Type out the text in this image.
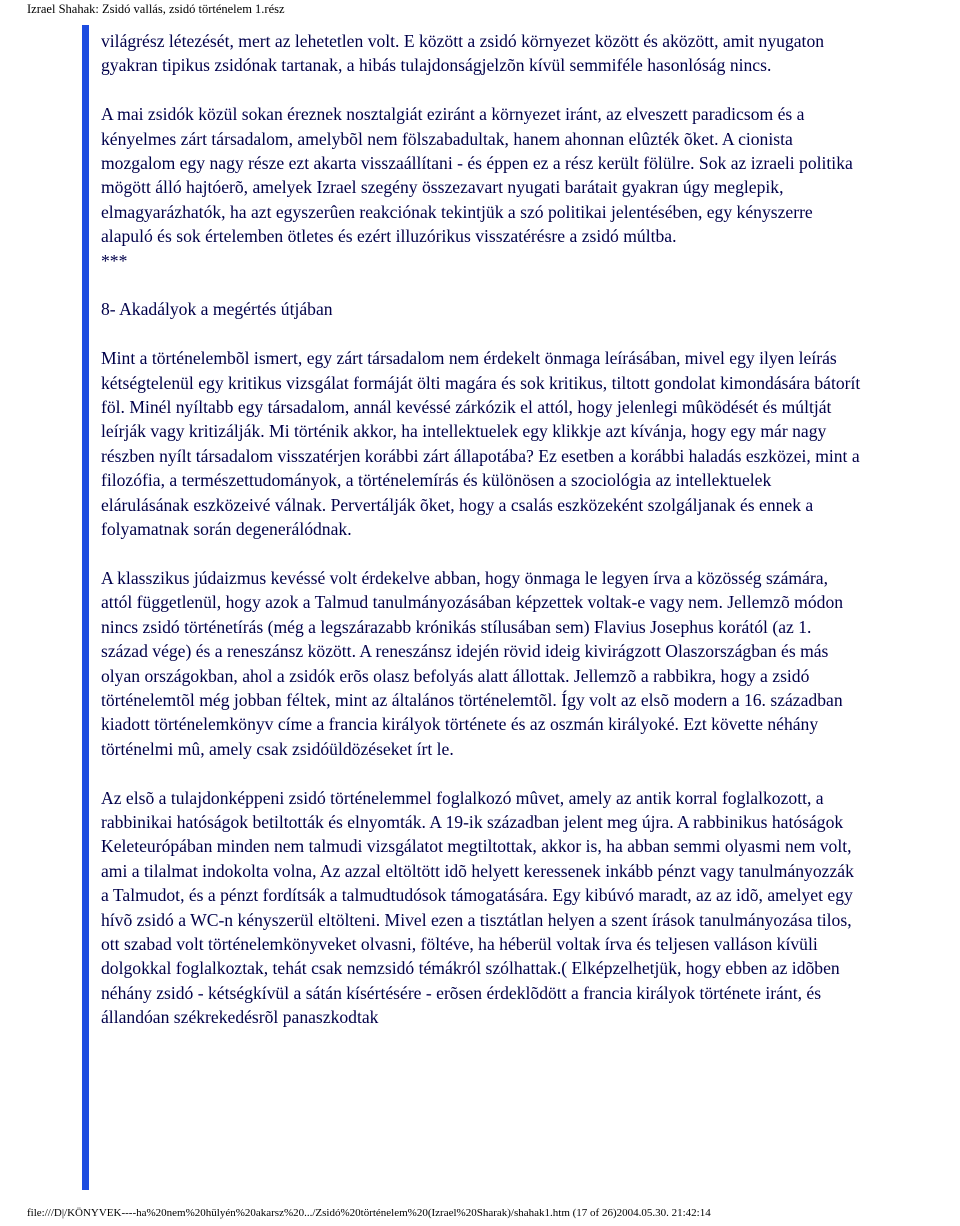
Izrael Shahak: Zsidó vallás, zsidó történelem 1.rész

világrész létezését, mert az lehetetlen volt. E között a zsidó környezet között és aközött, amit nyugaton gyakran tipikus zsidónak tartanak, a hibás tulajdonságjelzõn kívül semmiféle hasonlóság nincs.

A mai zsidók közül sokan éreznek nosztalgiát eziránt a környezet iránt, az elveszett paradicsom és a kényelmes zárt társadalom, amelybõl nem fölszabadultak, hanem ahonnan elûzték õket. A cionista mozgalom egy nagy része ezt akarta visszaállítani - és éppen ez a rész került fölülre. Sok az izraeli politika mögött álló hajtóerõ, amelyek Izrael szegény összezavart nyugati barátait gyakran úgy meglepik, elmagyarázhatók, ha azt egyszerûen reakciónak tekintjük a szó politikai jelentésében, egy kényszerre alapuló és sok értelemben ötletes és ezért illuzórikus visszatérésre a zsidó múltba.

***

8- Akadályok a megértés útjában

Mint a történelembõl ismert, egy zárt társadalom nem érdekelt önmaga leírásában, mivel egy ilyen leírás kétségtelenül egy kritikus vizsgálat formáját ölti magára és sok kritikus, tiltott gondolat kimondására bátorít föl. Minél nyíltabb egy társadalom, annál kevéssé zárkózik el attól, hogy jelenlegi mûködését és múltját leírják vagy kritizálják. Mi történik akkor, ha intellektuelek egy klikkje azt kívánja, hogy egy már nagy részben nyílt társadalom visszatérjen korábbi zárt állapotába? Ez esetben a korábbi haladás eszközei, mint a filozófia, a természettudományok, a történelemírás és különösen a szociológia az intellektuelek elárulásának eszközeivé válnak. Pervertálják õket, hogy a csalás eszközeként szolgáljanak és ennek a folyamatnak során degenerálódnak.

A klasszikus júdaizmus kevéssé volt érdekelve abban, hogy önmaga le legyen írva a közösség számára, attól függetlenül, hogy azok a Talmud tanulmányozásában képzettek voltak-e vagy nem. Jellemzõ módon nincs zsidó történetírás (még a legszárazabb krónikás stílusában sem) Flavius Josephus korától (az 1. század vége) és a reneszánsz között. A reneszánsz idején rövid ideig kivirágzott Olaszországban és más olyan országokban, ahol a zsidók erõs olasz befolyás alatt állottak. Jellemzõ a rabbikra, hogy a zsidó történelemtõl még jobban féltek, mint az általános történelemtõl. Így volt az elsõ modern a 16. században kiadott történelemkönyv címe a francia királyok története és az oszmán királyoké. Ezt követte néhány történelmi mû, amely csak zsidóüldözéseket írt le.

Az elsõ a tulajdonképpeni zsidó történelemmel foglalkozó mûvet, amely az antik korral foglalkozott, a rabbinikai hatóságok betiltották és elnyomták. A 19-ik században jelent meg újra. A rabbinikus hatóságok Keleteurópában minden nem talmudi vizsgálatot megtiltottak, akkor is, ha abban semmi olyasmi nem volt, ami a tilalmat indokolta volna, Az azzal eltöltött idõ helyett keressenek inkább pénzt vagy tanulmányozzák a Talmudot, és a pénzt fordítsák a talmudtudósok támogatására. Egy kibúvó maradt, az az idõ, amelyet egy hívõ zsidó a WC-n kényszerül eltölteni. Mivel ezen a tisztátlan helyen a szent írások tanulmányozása tilos, ott szabad volt történelemkönyveket olvasni, föltéve, ha héberül voltak írva és teljesen valláson kívüli dolgokkal foglalkoztak, tehát csak nemzsidó témákról szólhattak.( Elképzelhetjük, hogy ebben az idõben néhány zsidó - kétségkívül a sátán kísértésére - erõsen érdeklõdött a francia királyok története iránt, és állandóan székrekedésrõl panaszkodtak

file:///D|/KÖNYVEK----ha%20nem%20hülyén%20akarsz%20.../Zsidó%20történelem%20(Izrael%20Sharak)/shahak1.htm (17 of 26)2004.05.30. 21:42:14
